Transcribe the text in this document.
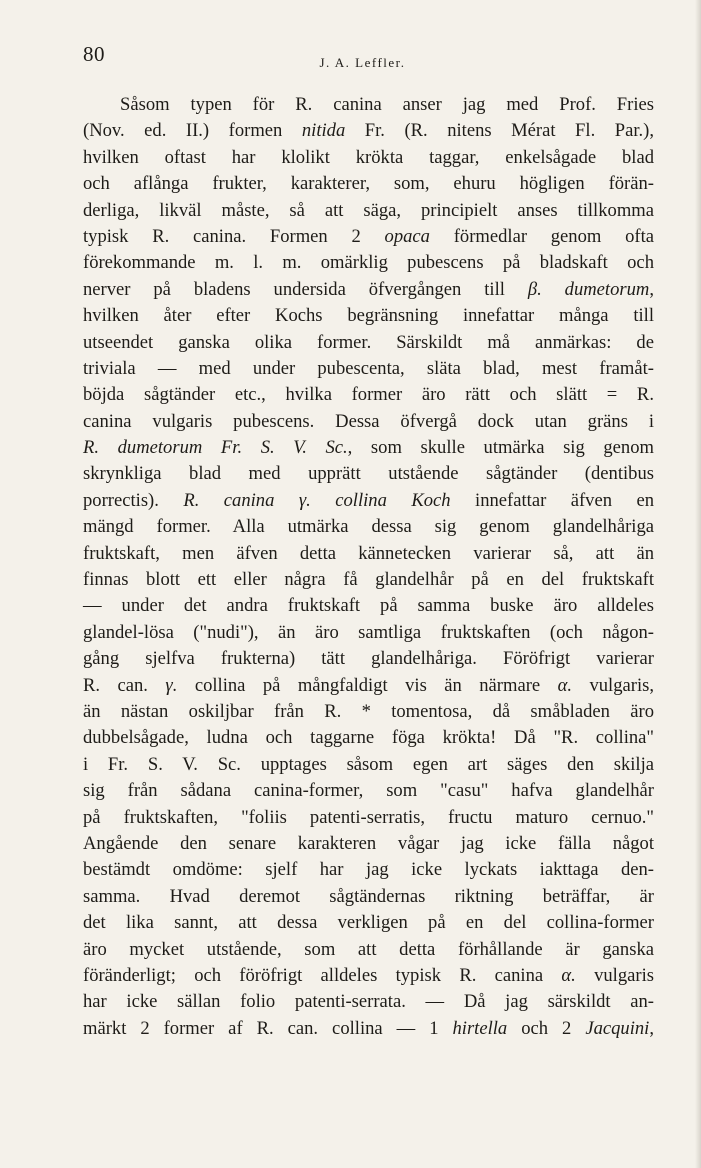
80	J. A. Leffler.
Såsom typen för R. canina anser jag med Prof. Fries
(Nov. ed. II.) formen nitida Fr. (R. nitens Mérat Fl. Par.),
hvilken oftast har klolikt krökta taggar, enkelsågade blad
och aflånga frukter, karakterer, som, ehuru högligen förän-
derliga, likväl måste, så att säga, principielt anses tillkomma
typisk R. canina. Formen 2 opaca förmedlar genom ofta
förekommande m. l. m. omärklig pubescens på bladskaft och
nerver på bladens undersida öfvergången till β. dumetorum,
hvilken åter efter Kochs begränsning innefattar många till
utseendet ganska olika former. Särskildt må anmärkas: de
triviala — med under pubescenta, släta blad, mest framåt-
böjda sågtänder etc., hvilka former äro rätt och slätt = R.
canina vulgaris pubescens. Dessa öfvergå dock utan gräns i
R. dumetorum Fr. S. V. Sc., som skulle utmärka sig genom
skrynkliga blad med upprätt utstående sågtänder (dentibus
porrectis). R. canina γ. collina Koch innefattar äfven en
mängd former. Alla utmärka dessa sig genom glandelhåriga
fruktskaft, men äfven detta kännetecken varierar så, att än
finnas blott ett eller några få glandelhår på en del fruktskaft
— under det andra fruktskaft på samma buske äro alldeles
glandel-lösa ("nudi"), än äro samtliga fruktskaften (och någon-
gång sjelfva frukterna) tätt glandelhåriga. Föröfrigt varierar
R. can. γ. collina på mångfaldigt vis än närmare α. vulgaris,
än nästan oskiljbar från R. * tomentosa, då småbladen äro
dubbelsågade, ludna och taggarne föga krökta! Då "R. collina"
i Fr. S. V. Sc. upptages såsom egen art säges den skilja
sig från sådana canina-former, som "casu" hafva glandelhår
på fruktskaften, "foliis patenti-serratis, fructu maturo cernuo."
Angående den senare karakteren vågar jag icke fälla något
bestämdt omdöme: sjelf har jag icke lyckats iakttaga den-
samma. Hvad deremot sågtändernas riktning beträffar, är
det lika sannt, att dessa verkligen på en del collina-former
äro mycket utstående, som att detta förhållande är ganska
föränderligt; och föröfrigt alldeles typisk R. canina α. vulgaris
har icke sällan folio patenti-serrata. — Då jag särskildt an-
märkt 2 former af R. can. collina — 1 hirtella och 2 Jacquini,
